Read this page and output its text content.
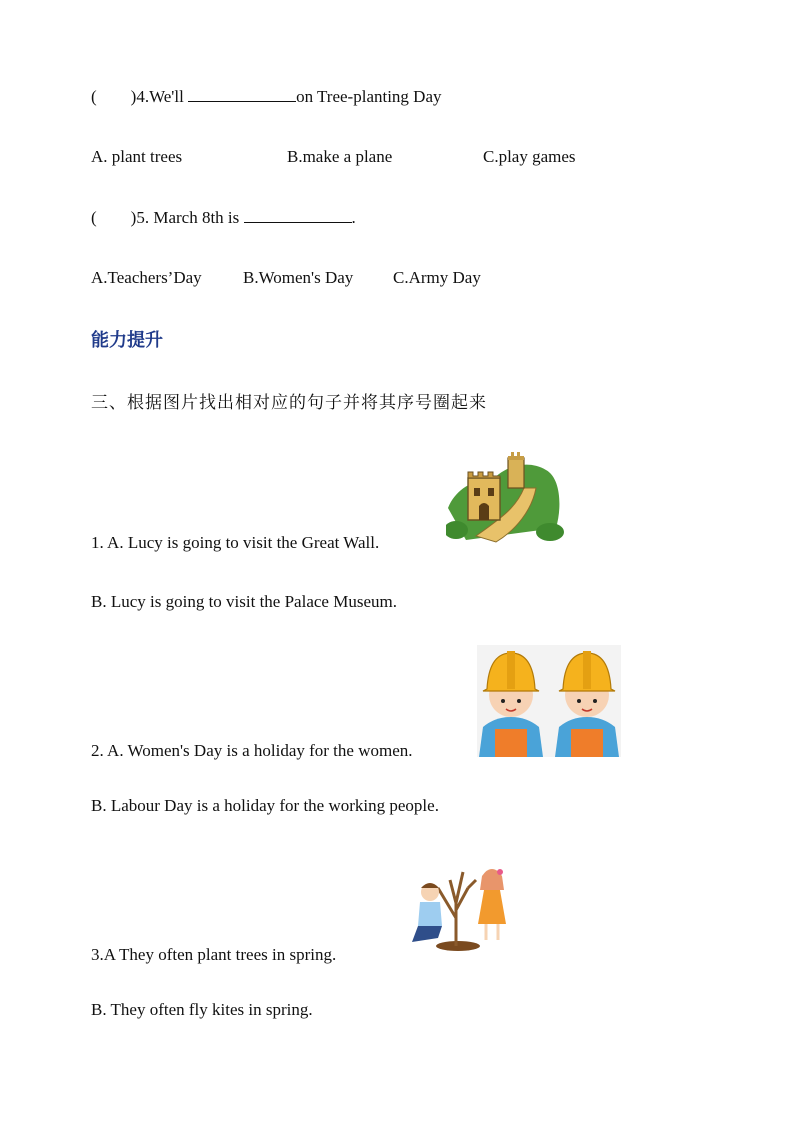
(        )4.We'll	on Tree-planting Day
A. plant trees	B.make a plane	C.play games
(        )5. March 8th is	.
A.Teachers’Day B.Women's Day C.Army Day
能力提升
三、根据图片找出相对应的句子并将其序号圈起来
1. A. Lucy is going to visit the Great Wall.
B. Lucy is going to visit the Palace Museum.
2. A. Women's Day is a holiday for the women.
B. Labour Day is a holiday for the working people.
3.A They often plant trees in spring.
B. They often fly kites in spring.
